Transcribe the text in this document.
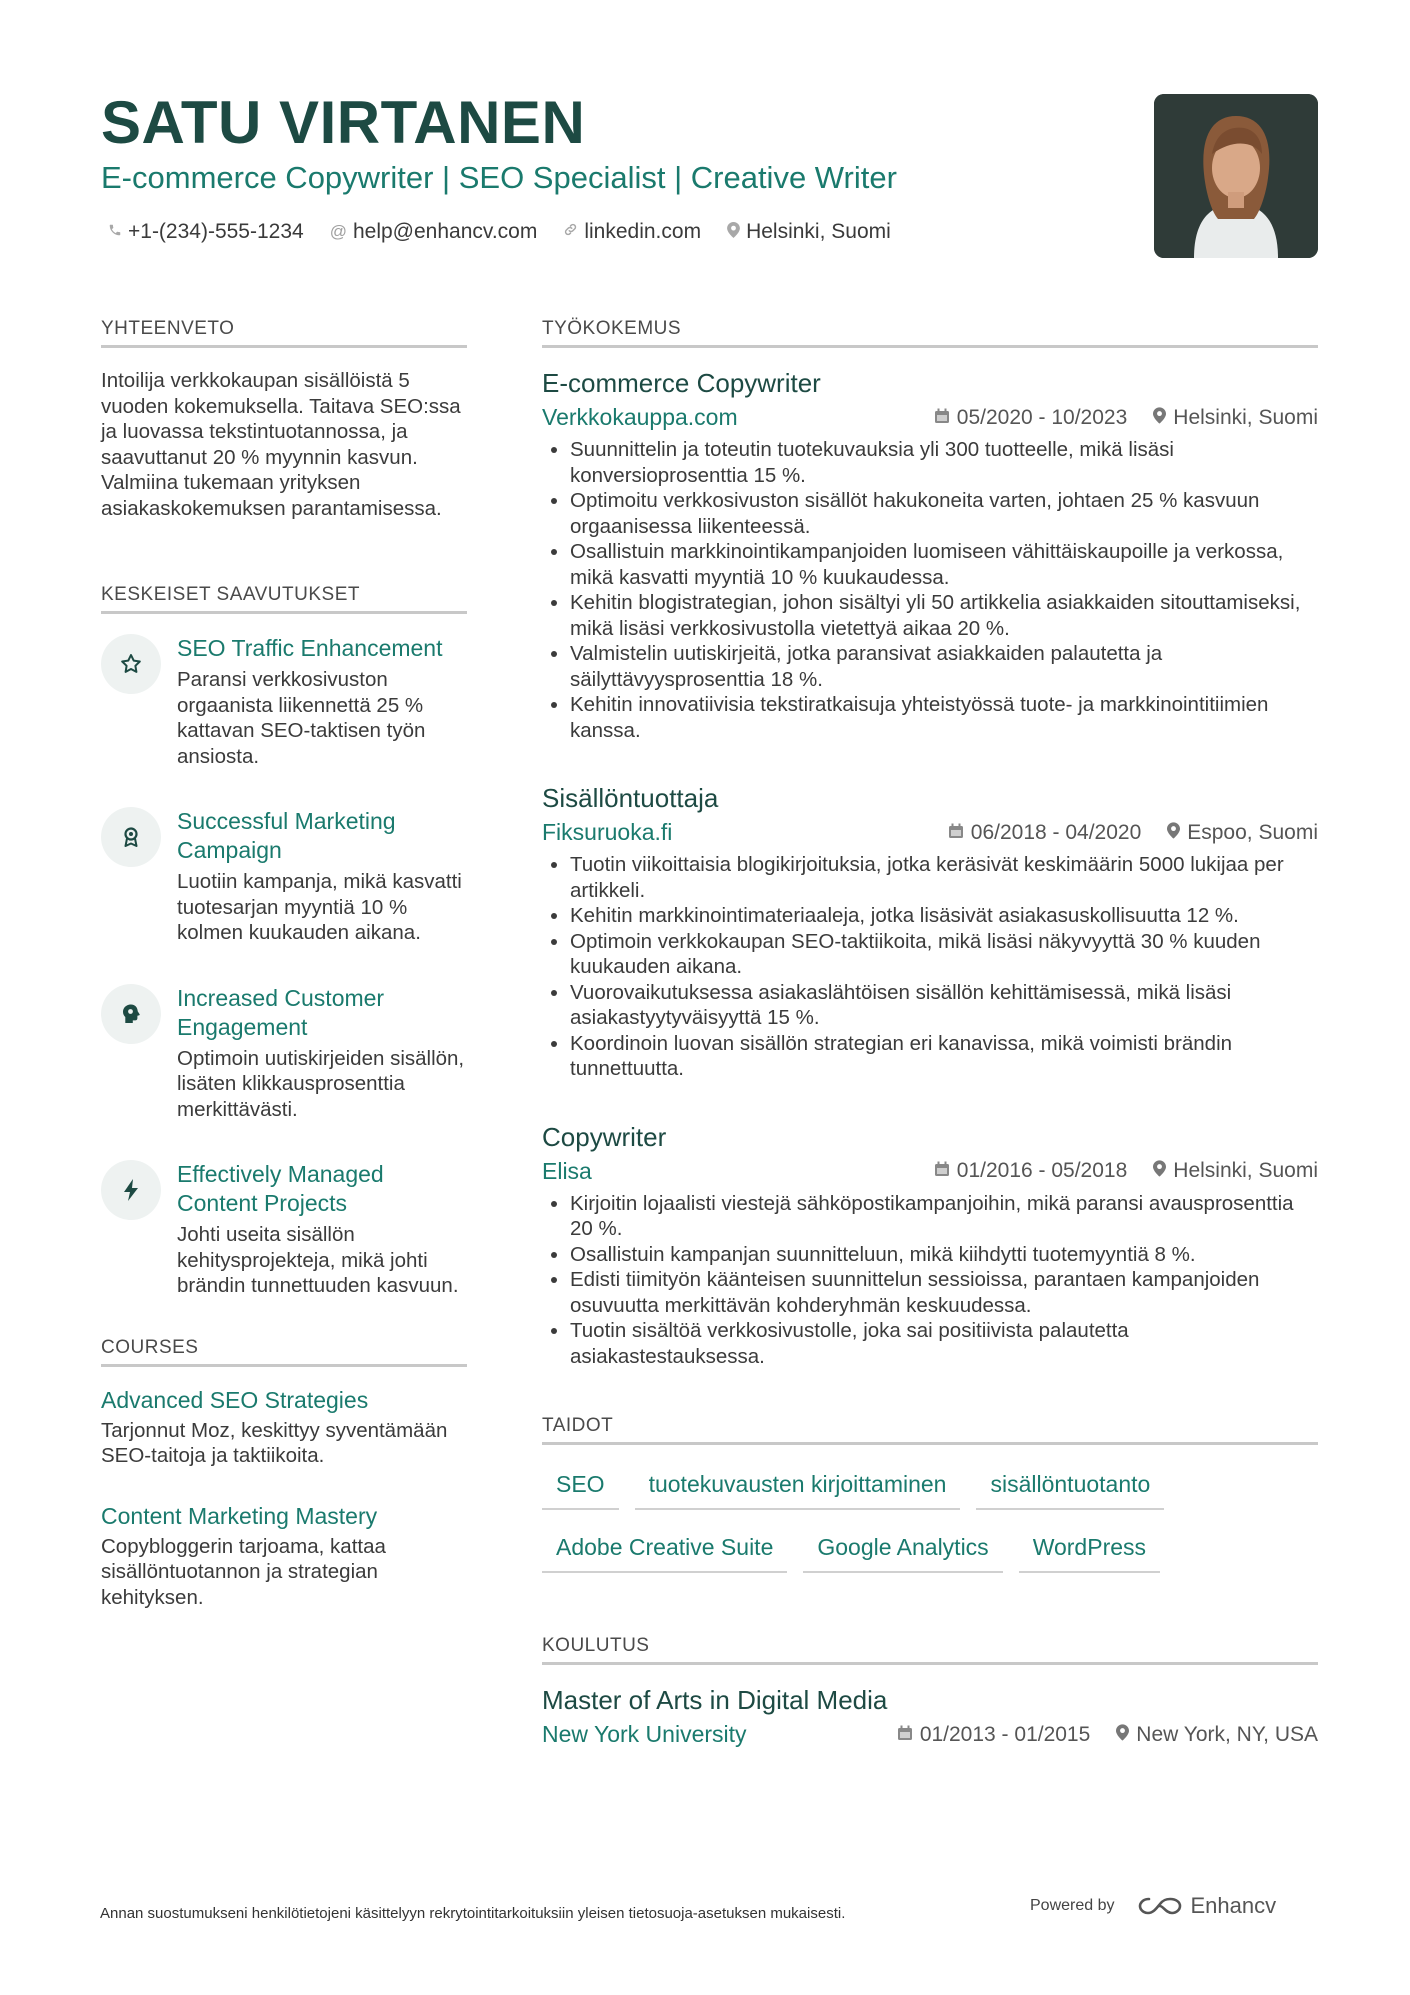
SATU VIRTANEN
E-commerce Copywriter | SEO Specialist | Creative Writer
+1-(234)-555-1234 @ help@enhancv.com linkedin.com Helsinki, Suomi
YHTEENVETO
Intoilija verkkokaupan sisällöistä 5 vuoden kokemuksella. Taitava SEO:ssa ja luovassa tekstintuotannossa, ja saavuttanut 20 % myynnin kasvun. Valmiina tukemaan yrityksen asiakaskokemuksen parantamisessa.
KESKEISET SAAVUTUKSET
SEO Traffic Enhancement
Paransi verkkosivuston orgaanista liikennettä 25 % kattavan SEO-taktisen työn ansiosta.
Successful Marketing Campaign
Luotiin kampanja, mikä kasvatti tuotesarjan myyntiä 10 % kolmen kuukauden aikana.
Increased Customer Engagement
Optimoin uutiskirjeiden sisällön, lisäten klikkausprosenttia merkittävästi.
Effectively Managed Content Projects
Johti useita sisällön kehitysprojekteja, mikä johti brändin tunnettuuden kasvuun.
COURSES
Advanced SEO Strategies
Tarjonnut Moz, keskittyy syventämään SEO-taitoja ja taktiikoita.
Content Marketing Mastery
Copybloggerin tarjoama, kattaa sisällöntuotannon ja strategian kehityksen.
TYÖKOKEMUS
E-commerce Copywriter
Verkkokauppa.com	05/2020 - 10/2023 Helsinki, Suomi
• Suunnittelin ja toteutin tuotekuvauksia yli 300 tuotteelle, mikä lisäsi konversioprosenttia 15 %.
• Optimoitu verkkosivuston sisällöt hakukoneita varten, johtaen 25 % kasvuun orgaanisessa liikenteessä.
• Osallistuin markkinointikampanjoiden luomiseen vähittäiskaupoille ja verkossa, mikä kasvatti myyntiä 10 % kuukaudessa.
• Kehitin blogistrategian, johon sisältyi yli 50 artikkelia asiakkaiden sitouttamiseksi, mikä lisäsi verkkosivustolla vietettyä aikaa 20 %.
• Valmistelin uutiskirjeitä, jotka paransivat asiakkaiden palautetta ja säilyttävyysprosenttia 18 %.
• Kehitin innovatiivisia tekstiratkaisuja yhteistyössä tuote- ja markkinointitiimien kanssa.
Sisällöntuottaja
Fiksuruoka.fi	06/2018 - 04/2020 Espoo, Suomi
• Tuotin viikoittaisia blogikirjoituksia, jotka keräsivät keskimäärin 5000 lukijaa per artikkeli.
• Kehitin markkinointimateriaaleja, jotka lisäsivät asiakasuskollisuutta 12 %.
• Optimoin verkkokaupan SEO-taktiikoita, mikä lisäsi näkyvyyttä 30 % kuuden kuukauden aikana.
• Vuorovaikutuksessa asiakaslähtöisen sisällön kehittämisessä, mikä lisäsi asiakastyytyväisyyttä 15 %.
• Koordinoin luovan sisällön strategian eri kanavissa, mikä voimisti brändin tunnettuutta.
Copywriter
Elisa	01/2016 - 05/2018 Helsinki, Suomi
• Kirjoitin lojaalisti viestejä sähköpostikampanjoihin, mikä paransi avausprosenttia 20 %.
• Osallistuin kampanjan suunnitteluun, mikä kiihdytti tuotemyyntiä 8 %.
• Edisti tiimityön käänteisen suunnittelun sessioissa, parantaen kampanjoiden osuvuutta merkittävän kohderyhmän keskuudessa.
• Tuotin sisältöä verkkosivustolle, joka sai positiivista palautetta asiakastestauksessa.
TAIDOT
SEO	tuotekuvausten kirjoittaminen	sisällöntuotanto
Adobe Creative Suite	Google Analytics	WordPress
KOULUTUS
Master of Arts in Digital Media
New York University	01/2013 - 01/2015 New York, NY, USA
Annan suostumukseni henkilötietojeni käsittelyyn rekrytointitarkoituksiin yleisen tietosuoja-asetuksen mukaisesti.	Powered by	Enhancv
